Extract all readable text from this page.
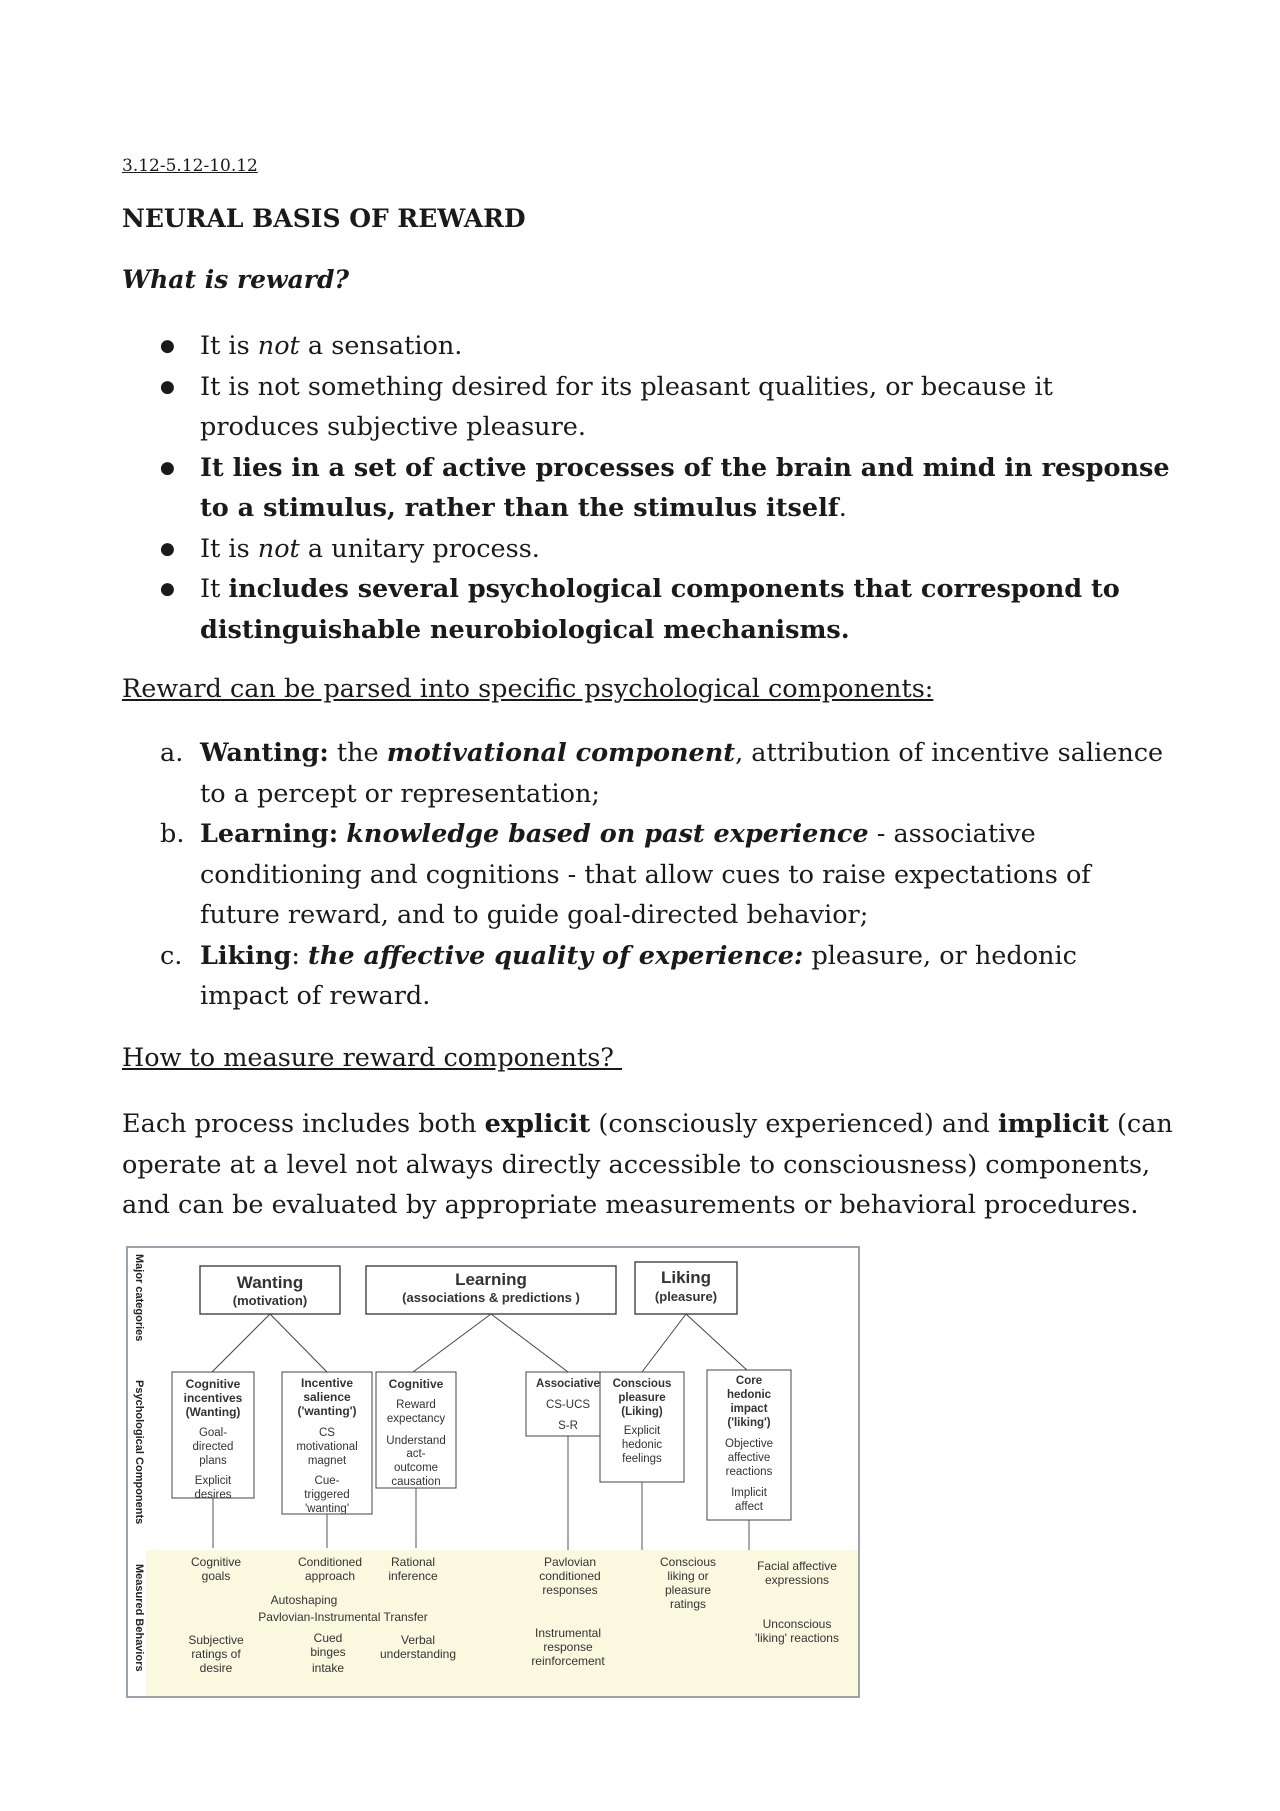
3.12-5.12-10.12
NEURAL BASIS OF REWARD
What is reward?
● It is not a sensation.
● It is not something desired for its pleasant qualities, or because it produces subjective pleasure.
● It lies in a set of active processes of the brain and mind in response to a stimulus, rather than the stimulus itself.
● It is not a unitary process.
● It includes several psychological components that correspond to distinguishable neurobiological mechanisms.
Reward can be parsed into specific psychological components:
a. Wanting: the motivational component, attribution of incentive salience to a percept or representation;
b. Learning: knowledge based on past experience - associative conditioning and cognitions - that allow cues to raise expectations of future reward, and to guide goal-directed behavior;
c. Liking: the affective quality of experience: pleasure, or hedonic impact of reward.
How to measure reward components?
Each process includes both explicit (consciously experienced) and implicit (can operate at a level not always directly accessible to consciousness) components, and can be evaluated by appropriate measurements or behavioral procedures.
Major categories
Psychological Components
Measured Behaviors
Wanting
(motivation)
Learning
(associations & predictions )
Liking
(pleasure)
Cognitive
incentives
(Wanting)
Goal-
directed
plans
Explicit
desires
Incentive
salience
('wanting')
CS
motivational
magnet
Cue-
triggered
'wanting'
Cognitive
Reward
expectancy
Understand
act-
outcome
causation
Associative
CS-UCS
S-R
Conscious
pleasure
(Liking)
Explicit
hedonic
feelings
Core
hedonic
impact
('liking')
Objective
affective
reactions
Implicit
affect
Cognitive
goals
Conditioned
approach
Rational
inference
Pavlovian
conditioned
responses
Conscious
liking or
pleasure
ratings
Facial affective
expressions
Autoshaping
Pavlovian-Instrumental Transfer
Subjective
ratings of
desire
Cued
binges
intake
Verbal
understanding
Instrumental
response
reinforcement
Unconscious
'liking' reactions
